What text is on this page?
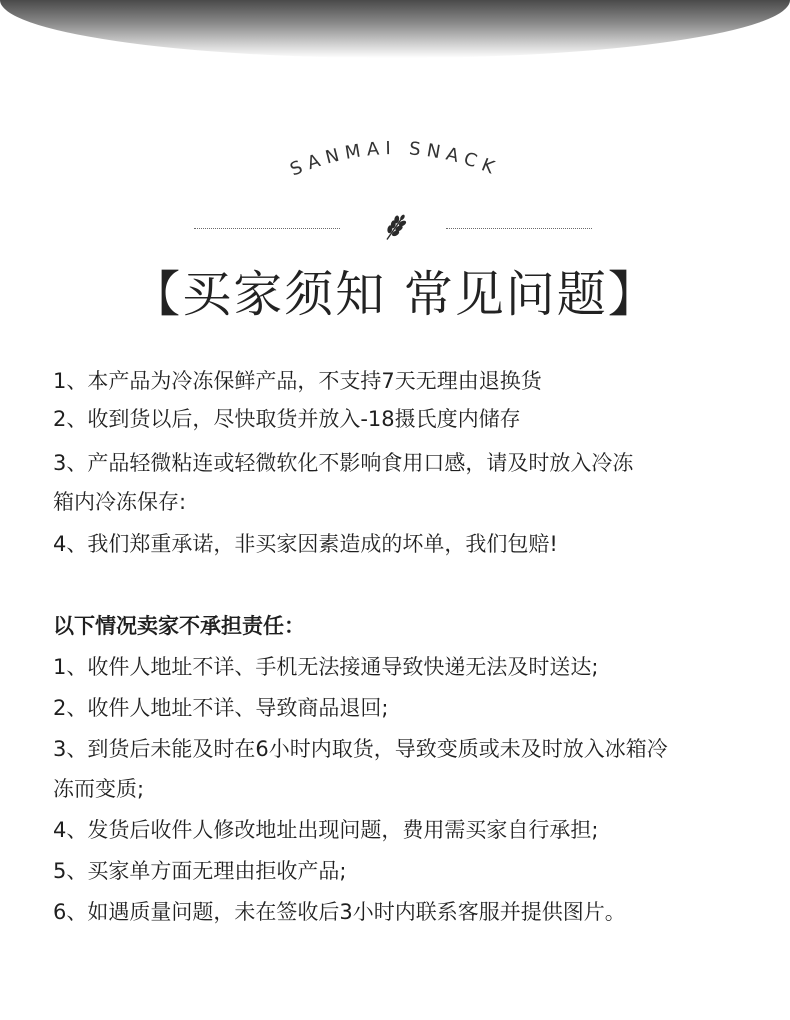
SANMAI SNACK
【买家须知 常见问题】
1、本产品为冷冻保鲜产品，不支持7天无理由退换货
2、收到货以后，尽快取货并放入-18摄氏度内储存
3、产品轻微粘连或轻微软化不影响食用口感，请及时放入冷冻
箱内冷冻保存:
4、我们郑重承诺，非买家因素造成的坏单，我们包赔!
以下情况卖家不承担责任：
1、收件人地址不详、手机无法接通导致快递无法及时送达;
2、收件人地址不详、导致商品退回;
3、到货后未能及时在6小时内取货，导致变质或未及时放入冰箱冷
冻而变质;
4、发货后收件人修改地址出现问题，费用需买家自行承担;
5、买家单方面无理由拒收产品;
6、如遇质量问题，未在签收后3小时内联系客服并提供图片。
